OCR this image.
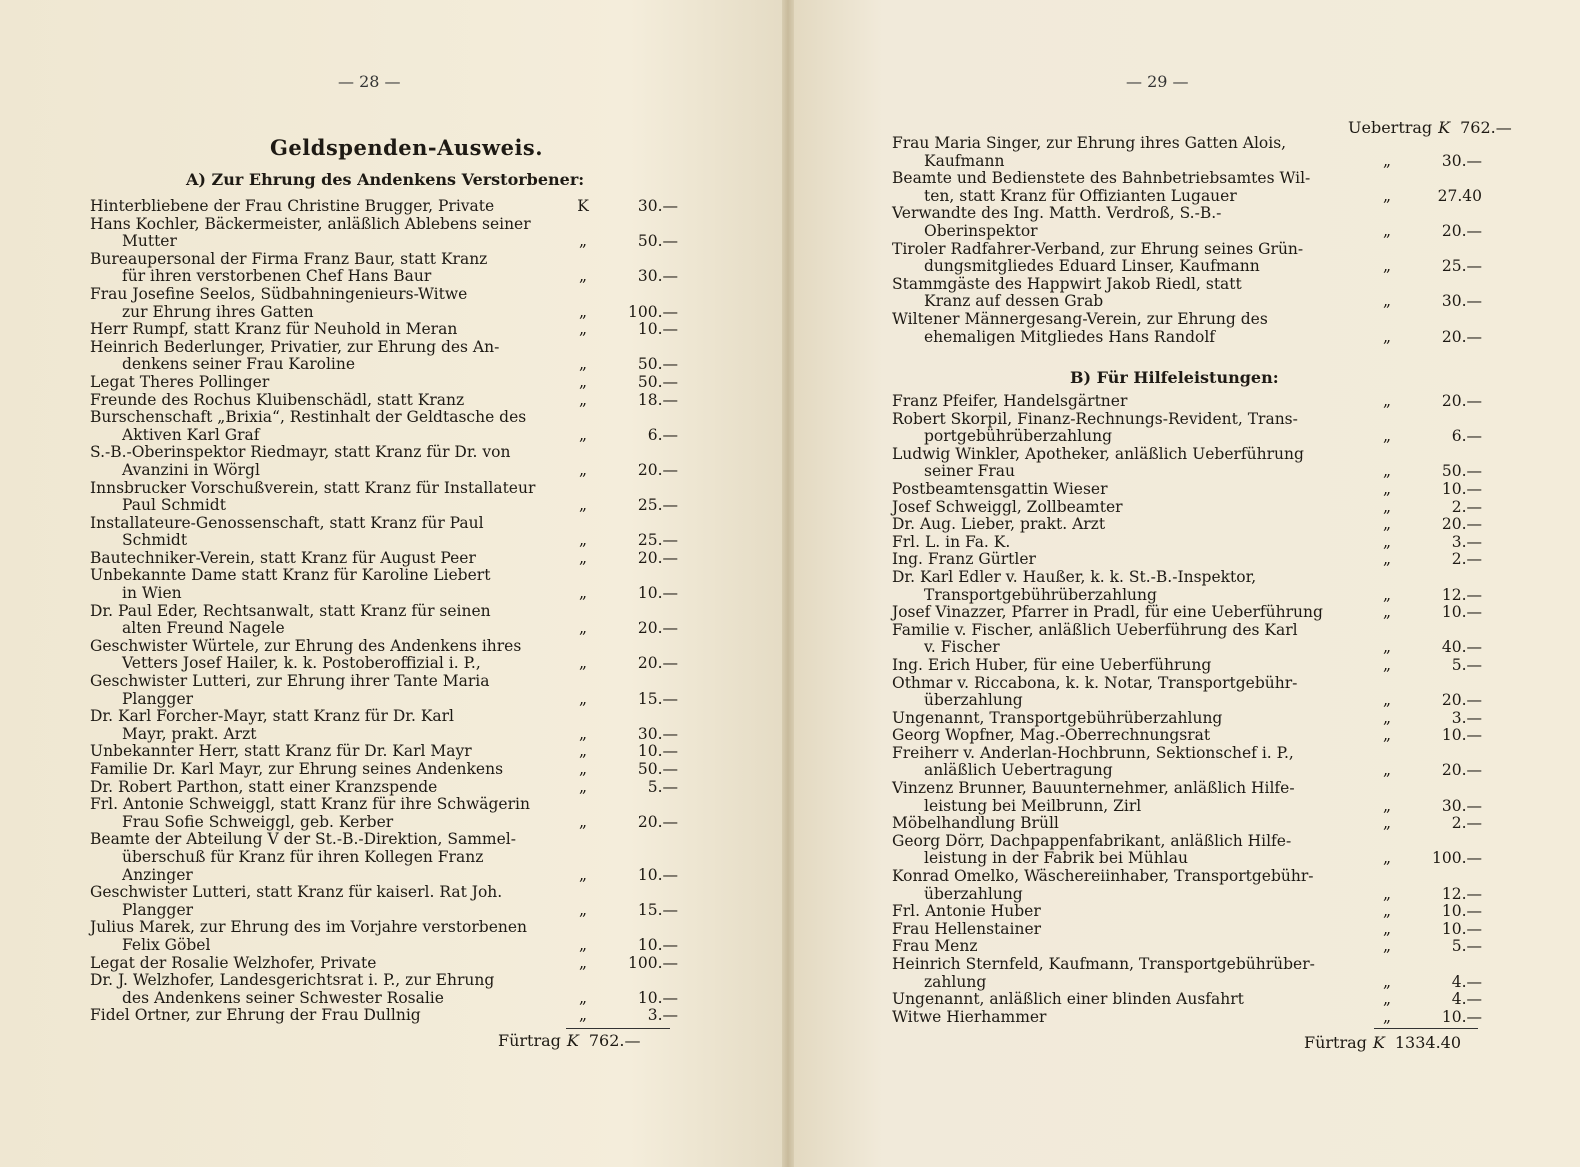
— 28 —
Geldspenden-Ausweis.
A) Zur Ehrung des Andenkens Verstorbener:
Hinterbliebene der Frau Christine Brugger, Private	K	30.—
Hans Kochler, Bäckermeister, anläßlich Ablebens seiner
Mutter	„	50.—
Bureaupersonal der Firma Franz Baur, statt Kranz
für ihren verstorbenen Chef Hans Baur	„	30.—
Frau Josefine Seelos, Südbahningenieurs-Witwe
zur Ehrung ihres Gatten	„	100.—
Herr Rumpf, statt Kranz für Neuhold in Meran	„	10.—
Heinrich Bederlunger, Privatier, zur Ehrung des An-
denkens seiner Frau Karoline	„	50.—
Legat Theres Pollinger	„	50.—
Freunde des Rochus Kluibenschädl, statt Kranz	„	18.—
Burschenschaft „Brixia“, Restinhalt der Geldtasche des
Aktiven Karl Graf	„	6.—
S.-B.-Oberinspektor Riedmayr, statt Kranz für Dr. von
Avanzini in Wörgl	„	20.—
Innsbrucker Vorschußverein, statt Kranz für Installateur
Paul Schmidt	„	25.—
Installateure-Genossenschaft, statt Kranz für Paul
Schmidt	„	25.—
Bautechniker-Verein, statt Kranz für August Peer	„	20.—
Unbekannte Dame statt Kranz für Karoline Liebert
in Wien	„	10.—
Dr. Paul Eder, Rechtsanwalt, statt Kranz für seinen
alten Freund Nagele	„	20.—
Geschwister Würtele, zur Ehrung des Andenkens ihres
Vetters Josef Hailer, k. k. Postoberoffizial i. P.,	„	20.—
Geschwister Lutteri, zur Ehrung ihrer Tante Maria
Plangger	„	15.—
Dr. Karl Forcher-Mayr, statt Kranz für Dr. Karl
Mayr, prakt. Arzt	„	30.—
Unbekannter Herr, statt Kranz für Dr. Karl Mayr	„	10.—
Familie Dr. Karl Mayr, zur Ehrung seines Andenkens	„	50.—
Dr. Robert Parthon, statt einer Kranzspende	„	5.—
Frl. Antonie Schweiggl, statt Kranz für ihre Schwägerin
Frau Sofie Schweiggl, geb. Kerber	„	20.—
Beamte der Abteilung V der St.-B.-Direktion, Sammel-
überschuß für Kranz für ihren Kollegen Franz
Anzinger	„	10.—
Geschwister Lutteri, statt Kranz für kaiserl. Rat Joh.
Plangger	„	15.—
Julius Marek, zur Ehrung des im Vorjahre verstorbenen
Felix Göbel	„	10.—
Legat der Rosalie Welzhofer, Private	„	100.—
Dr. J. Welzhofer, Landesgerichtsrat i. P., zur Ehrung
des Andenkens seiner Schwester Rosalie	„	10.—
Fidel Ortner, zur Ehrung der Frau Dullnig	„	3.—
Fürtrag K 762.—
— 29 —
Uebertrag K 762.—
Frau Maria Singer, zur Ehrung ihres Gatten Alois,
Kaufmann	„	30.—
Beamte und Bedienstete des Bahnbetriebsamtes Wil-
ten, statt Kranz für Offizianten Lugauer	„	27.40
Verwandte des Ing. Matth. Verdroß, S.-B.-
Oberinspektor	„	20.—
Tiroler Radfahrer-Verband, zur Ehrung seines Grün-
dungsmitgliedes Eduard Linser, Kaufmann	„	25.—
Stammgäste des Happwirt Jakob Riedl, statt
Kranz auf dessen Grab	„	30.—
Wiltener Männergesang-Verein, zur Ehrung des
ehemaligen Mitgliedes Hans Randolf	„	20.—
B) Für Hilfeleistungen:
Franz Pfeifer, Handelsgärtner	„	20.—
Robert Skorpil, Finanz-Rechnungs-Revident, Trans-
portgebührüberzahlung	„	6.—
Ludwig Winkler, Apotheker, anläßlich Ueberführung
seiner Frau	„	50.—
Postbeamtensgattin Wieser	„	10.—
Josef Schweiggl, Zollbeamter	„	2.—
Dr. Aug. Lieber, prakt. Arzt	„	20.—
Frl. L. in Fa. K.	„	3.—
Ing. Franz Gürtler	„	2.—
Dr. Karl Edler v. Haußer, k. k. St.-B.-Inspektor,
Transportgebührüberzahlung	„	12.—
Josef Vinazzer, Pfarrer in Pradl, für eine Ueberführung	„	10.—
Familie v. Fischer, anläßlich Ueberführung des Karl
v. Fischer	„	40.—
Ing. Erich Huber, für eine Ueberführung	„	5.—
Othmar v. Riccabona, k. k. Notar, Transportgebühr-
überzahlung	„	20.—
Ungenannt, Transportgebührüberzahlung	„	3.—
Georg Wopfner, Mag.-Oberrechnungsrat	„	10.—
Freiherr v. Anderlan-Hochbrunn, Sektionschef i. P.,
anläßlich Uebertragung	„	20.—
Vinzenz Brunner, Bauunternehmer, anläßlich Hilfe-
leistung bei Meilbrunn, Zirl	„	30.—
Möbelhandlung Brüll	„	2.—
Georg Dörr, Dachpappenfabrikant, anläßlich Hilfe-
leistung in der Fabrik bei Mühlau	„	100.—
Konrad Omelko, Wäschereiinhaber, Transportgebühr-
überzahlung	„	12.—
Frl. Antonie Huber	„	10.—
Frau Hellenstainer	„	10.—
Frau Menz	„	5.—
Heinrich Sternfeld, Kaufmann, Transportgebührüber-
zahlung	„	4.—
Ungenannt, anläßlich einer blinden Ausfahrt	„	4.—
Witwe Hierhammer	„	10.—
Fürtrag K 1334.40
